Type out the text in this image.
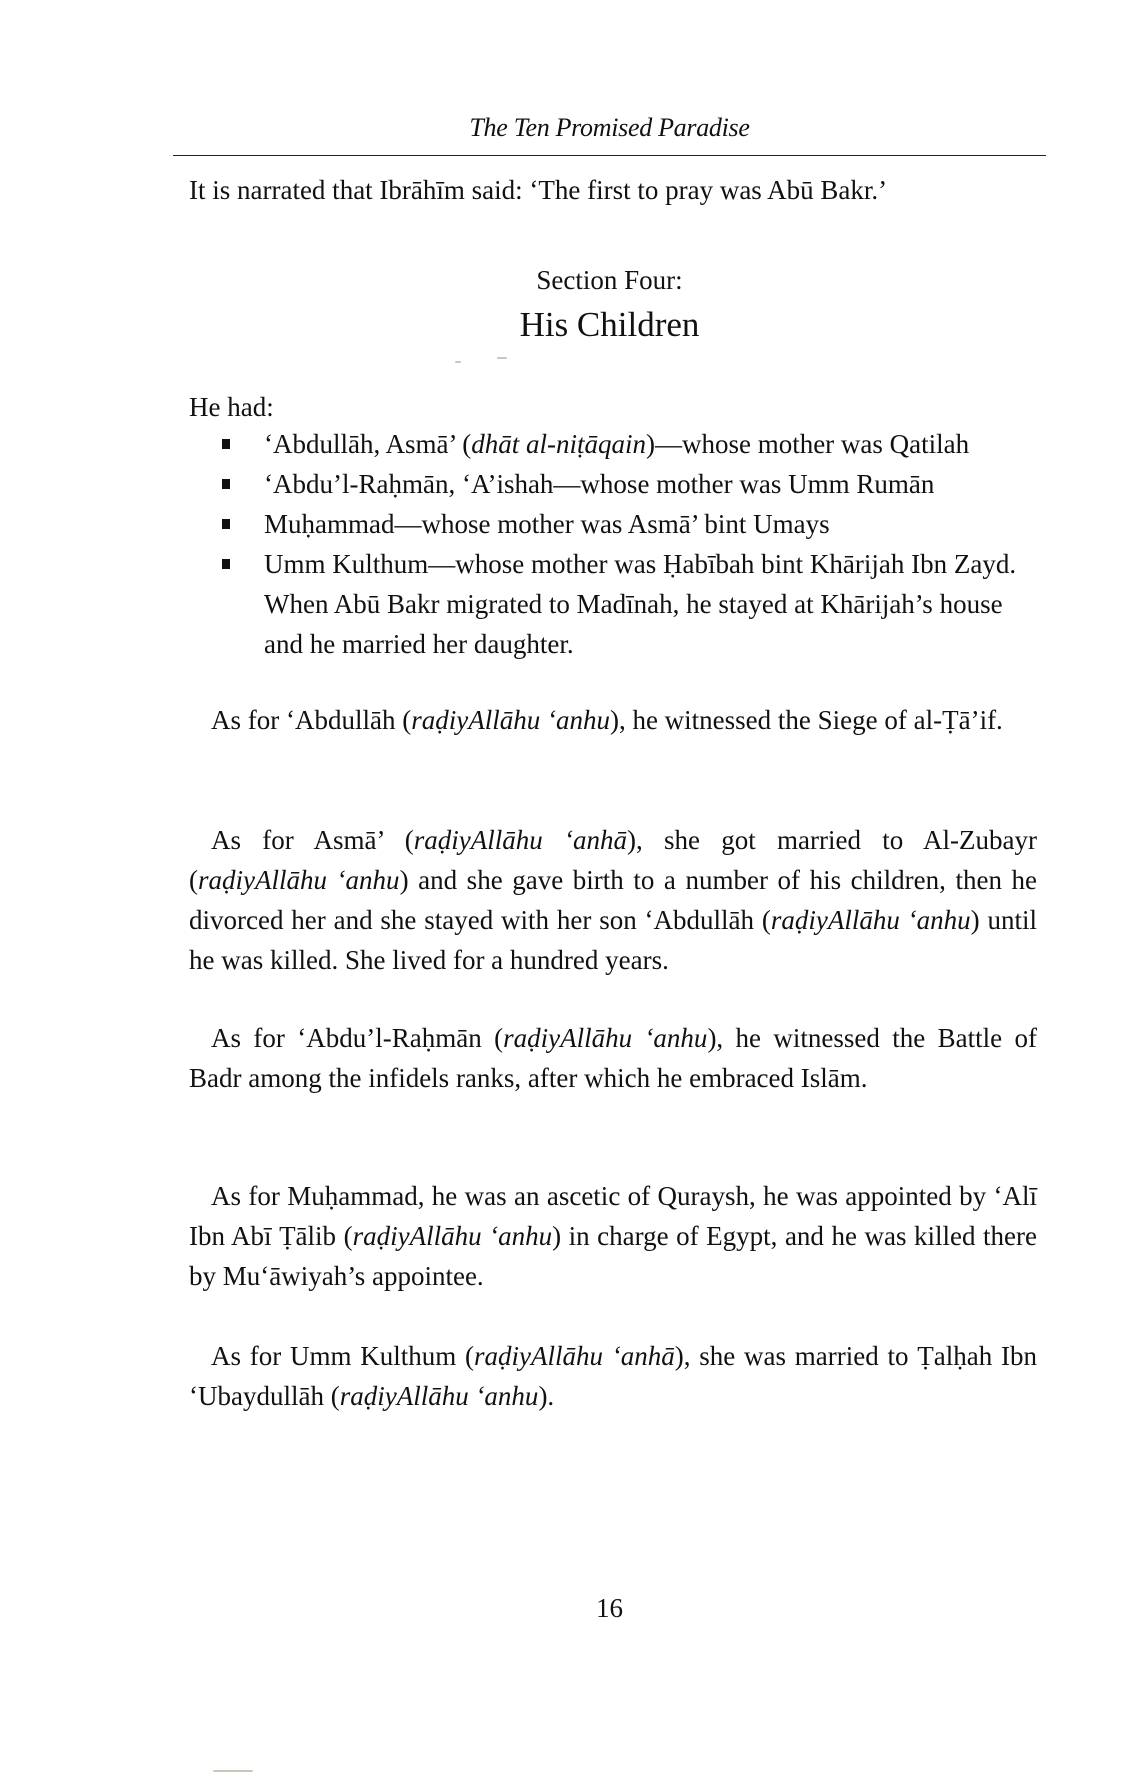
The Ten Promised Paradise
It is narrated that Ibrāhīm said: ‘The first to pray was Abū Bakr.’
Section Four:
His Children
He had:
‘Abdullāh, Asmā’ (dhāt al-niṭāqain)—whose mother was Qatilah
‘Abdu’l-Raḥmān, ‘A’ishah—whose mother was Umm Rumān
Muḥammad—whose mother was Asmā’ bint Umays
Umm Kulthum—whose mother was Ḥabībah bint Khārijah Ibn Zayd. When Abū Bakr migrated to Madīnah, he stayed at Khārijah’s house and he married her daughter.

As for ‘Abdullāh (raḍiyAllāhu ‘anhu), he witnessed the Siege of al-Ṭā’if.

As for Asmā’ (raḍiyAllāhu ‘anhā), she got married to Al-Zubayr (raḍiyAllāhu ‘anhu) and she gave birth to a number of his children, then he divorced her and she stayed with her son ‘Abdullāh (raḍiyAllāhu ‘anhu) until he was killed. She lived for a hundred years.

As for ‘Abdu’l-Raḥmān (raḍiyAllāhu ‘anhu), he witnessed the Battle of Badr among the infidels ranks, after which he embraced Islām.

As for Muḥammad, he was an ascetic of Quraysh, he was appointed by ‘Alī Ibn Abī Ṭālib (raḍiyAllāhu ‘anhu) in charge of Egypt, and he was killed there by Mu‘āwiyah’s appointee.

As for Umm Kulthum (raḍiyAllāhu ‘anhā), she was married to Ṭalḥah Ibn ‘Ubaydullāh (raḍiyAllāhu ‘anhu).

16
